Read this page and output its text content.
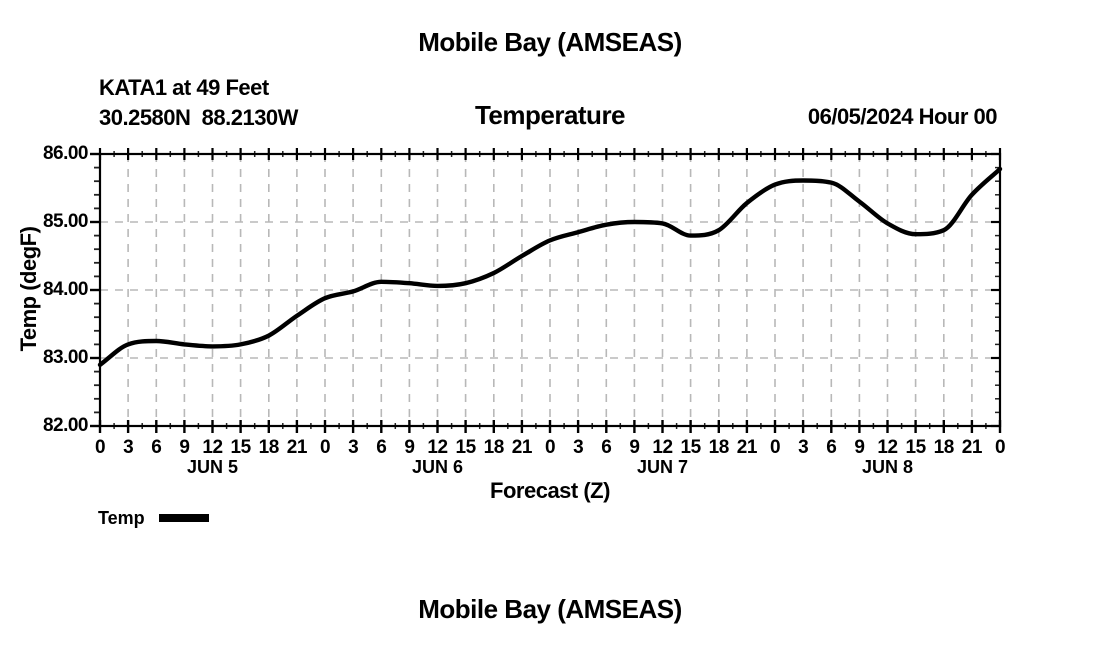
Mobile Bay (AMSEAS)
KATA1 at 49 Feet
30.2580N  88.2130W	Temperature	06/05/2024 Hour 00
Temp (degF)
Forecast (Z)
82.00
83.00
84.00
85.00
86.00
0 3 6 9 12 15 18 21 0 3 6 9 12 15 18 21 0 3 6 9 12 15 18 21 0 3 6 9 12 15 18 21 0
JUN 5	JUN 6	JUN 7	JUN 8
Temp
Mobile Bay (AMSEAS)
